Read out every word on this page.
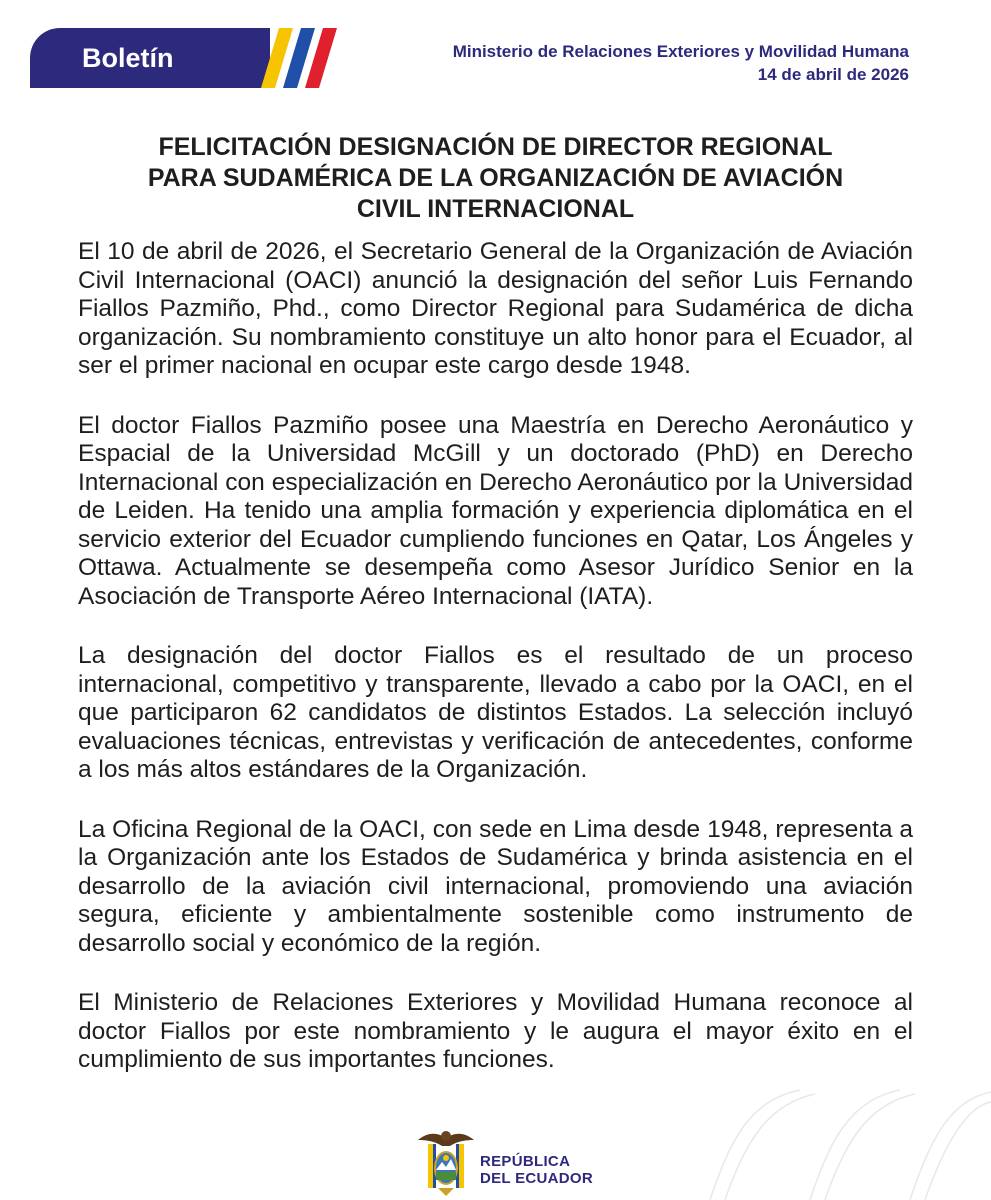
Boletín	Ministerio de Relaciones Exteriores y Movilidad Humana
14 de abril de 2026
FELICITACIÓN DESIGNACIÓN DE DIRECTOR REGIONAL
PARA SUDAMÉRICA DE LA ORGANIZACIÓN DE AVIACIÓN
CIVIL INTERNACIONAL

El 10 de abril de 2026, el Secretario General de la Organización de Aviación Civil Internacional (OACI) anunció la designación del señor Luis Fernando Fiallos Pazmiño, Phd., como Director Regional para Sudamérica de dicha organización. Su nombramiento constituye un alto honor para el Ecuador, al ser el primer nacional en ocupar este cargo desde 1948.

El doctor Fiallos Pazmiño posee una Maestría en Derecho Aeronáutico y Espacial de la Universidad McGill y un doctorado (PhD) en Derecho Internacional con especialización en Derecho Aeronáutico por la Universidad de Leiden. Ha tenido una amplia formación y experiencia diplomática en el servicio exterior del Ecuador cumpliendo funciones en Qatar, Los Ángeles y Ottawa. Actualmente se desempeña como Asesor Jurídico Senior en la Asociación de Transporte Aéreo Internacional (IATA).

La designación del doctor Fiallos es el resultado de un proceso internacional, competitivo y transparente, llevado a cabo por la OACI, en el que participaron 62 candidatos de distintos Estados. La selección incluyó evaluaciones técnicas, entrevistas y verificación de antecedentes, conforme a los más altos estándares de la Organización.

La Oficina Regional de la OACI, con sede en Lima desde 1948, representa a la Organización ante los Estados de Sudamérica y brinda asistencia en el desarrollo de la aviación civil internacional, promoviendo una aviación segura, eficiente y ambientalmente sostenible como instrumento de desarrollo social y económico de la región.

El Ministerio de Relaciones Exteriores y Movilidad Humana reconoce al doctor Fiallos por este nombramiento y le augura el mayor éxito en el cumplimiento de sus importantes funciones.

REPÚBLICA
DEL ECUADOR
